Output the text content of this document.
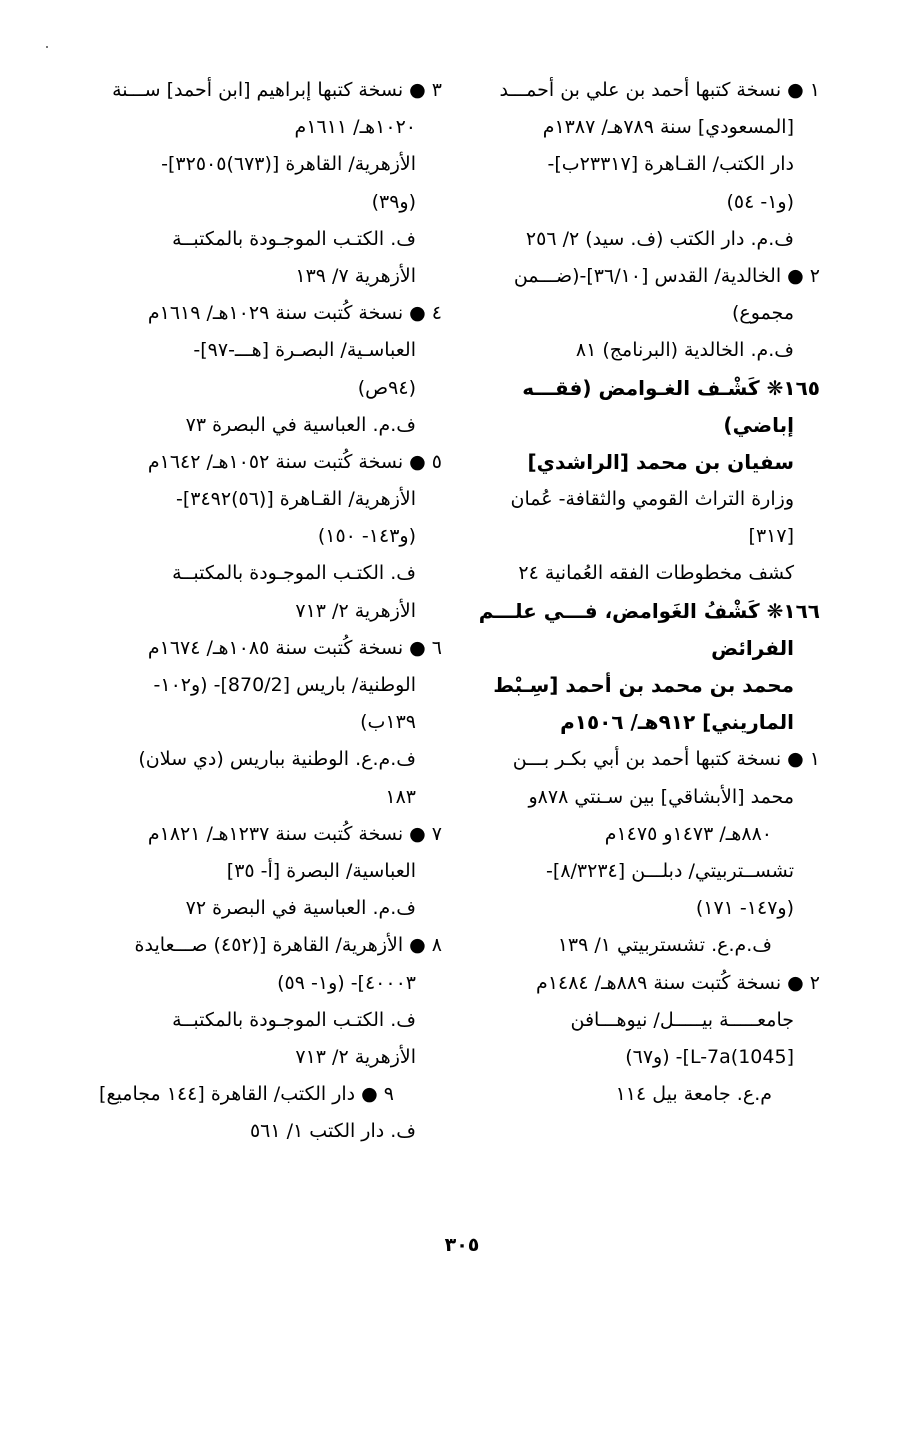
١ ● نسخة كتبها أحمد بن علي بن أحمـــد
[المسعودي] سنة ٧٨٩هـ/ ١٣٨٧م
دار الكتب/ القـاهرة [٢٣٣١٧ب]-
(و١- ٥٤)
ف.م. دار الكتب (ف. سيد) ٢/ ٢٥٦
٢ ● الخالدية/ القدس [٣٦/١٠]-(ضـــمن
مجموع)
ف.م. الخالدية (البرنامج) ٨١
١٦٥❋ كَشْـف الغـوامض (فقـــه
إباضي)
سفيان بن محمد [الراشدي]
وزارة التراث القومي والثقافة- عُمان
[٣١٧]
كشف مخطوطات الفقه العُمانية ٢٤
١٦٦❋ كَشْفُ الغَوامض، فـــي علـــم
الفرائض
محمد بن محمد بن أحمد [سِـبْط
الماريني] ٩١٢هـ/ ١٥٠٦م
١ ● نسخة كتبها أحمد بن أبي بكـر بـــن
محمد [الأبشاقي] بين سـنتي ٨٧٨و
٨٨٠هـ/ ١٤٧٣و ١٤٧٥م
تشســتربيتي/ دبلـــن [٨/٣٢٣٤]-
(و١٤٧- ١٧١)
ف.م.ع. تشستربيتي ١/ ١٣٩
٢ ● نسخة كُتبت سنة ٨٨٩هـ/ ١٤٨٤م
جامعـــــة بيـــــل/ نيوهـــافن
[1045)L-7a]- (و٦٧)
م.ع. جامعة بيل ١١٤
٣ ● نسخة كتبها إبراهيم [ابن أحمد] ســـنة
١٠٢٠هـ/ ١٦١١م
الأزهرية/ القاهرة [(٦٧٣)٣٢٥٠٥]-
(و٣٩)
ف. الكتـب الموجـودة بالمكتبــة
الأزهرية ٧/ ١٣٩
٤ ● نسخة كُتبت سنة ١٠٢٩هـ/ ١٦١٩م
العباسـية/ البصـرة [هـــ-٩٧]-
(٩٤ص)
ف.م. العباسية في البصرة ٧٣
٥ ● نسخة كُتبت سنة ١٠٥٢هـ/ ١٦٤٢م
الأزهرية/ القـاهرة [(٥٦)٣٤٩٢]-
(و١٤٣- ١٥٠)
ف. الكتـب الموجـودة بالمكتبــة
الأزهرية ٢/ ٧١٣
٦ ● نسخة كُتبت سنة ١٠٨٥هـ/ ١٦٧٤م
الوطنية/ باريس [870/2]- (و١٠٢-
١٣٩ب)
ف.م.ع. الوطنية بباريس (دي سلان)
١٨٣
٧ ● نسخة كُتبت سنة ١٢٣٧هـ/ ١٨٢١م
العباسية/ البصرة [أ- ٣٥]
ف.م. العباسية في البصرة ٧٢
٨ ● الأزهرية/ القاهرة [(٤٥٢) صـــعايدة
٤٠٠٠٣]- (و١- ٥٩)
ف. الكتـب الموجـودة بالمكتبــة
الأزهرية ٢/ ٧١٣
٩ ● دار الكتب/ القاهرة [١٤٤ مجاميع]
ف. دار الكتب ١/ ٥٦١
٣٠٥
